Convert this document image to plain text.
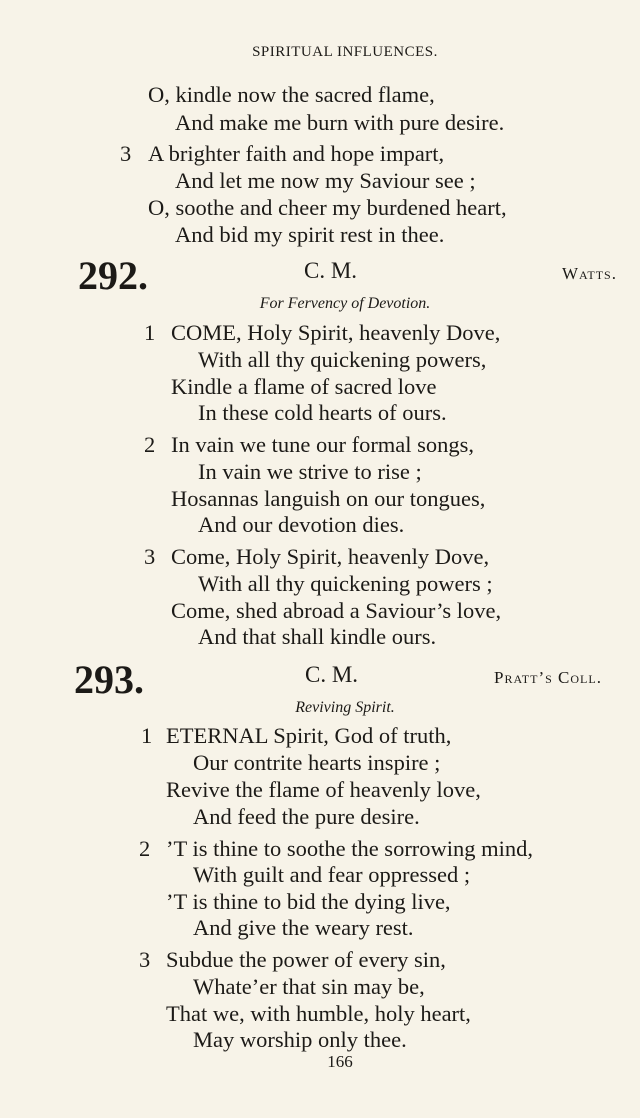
SPIRITUAL INFLUENCES.
O, kindle now the sacred flame,
And make me burn with pure desire.
3 A brighter faith and hope impart,
And let me now my Saviour see ;
O, soothe and cheer my burdened heart,
And bid my spirit rest in thee.
292.	C. M.	Watts.
For Fervency of Devotion.
1 COME, Holy Spirit, heavenly Dove,
With all thy quickening powers,
Kindle a flame of sacred love
In these cold hearts of ours.
2 In vain we tune our formal songs,
In vain we strive to rise ;
Hosannas languish on our tongues,
And our devotion dies.
3 Come, Holy Spirit, heavenly Dove,
With all thy quickening powers ;
Come, shed abroad a Saviour’s love,
And that shall kindle ours.
293.	C. M.	Pratt’s Coll.
Reviving Spirit.
1 ETERNAL Spirit, God of truth,
Our contrite hearts inspire ;
Revive the flame of heavenly love,
And feed the pure desire.
2 ’T is thine to soothe the sorrowing mind,
With guilt and fear oppressed ;
’T is thine to bid the dying live,
And give the weary rest.
3 Subdue the power of every sin,
Whate’er that sin may be,
That we, with humble, holy heart,
May worship only thee.
166
